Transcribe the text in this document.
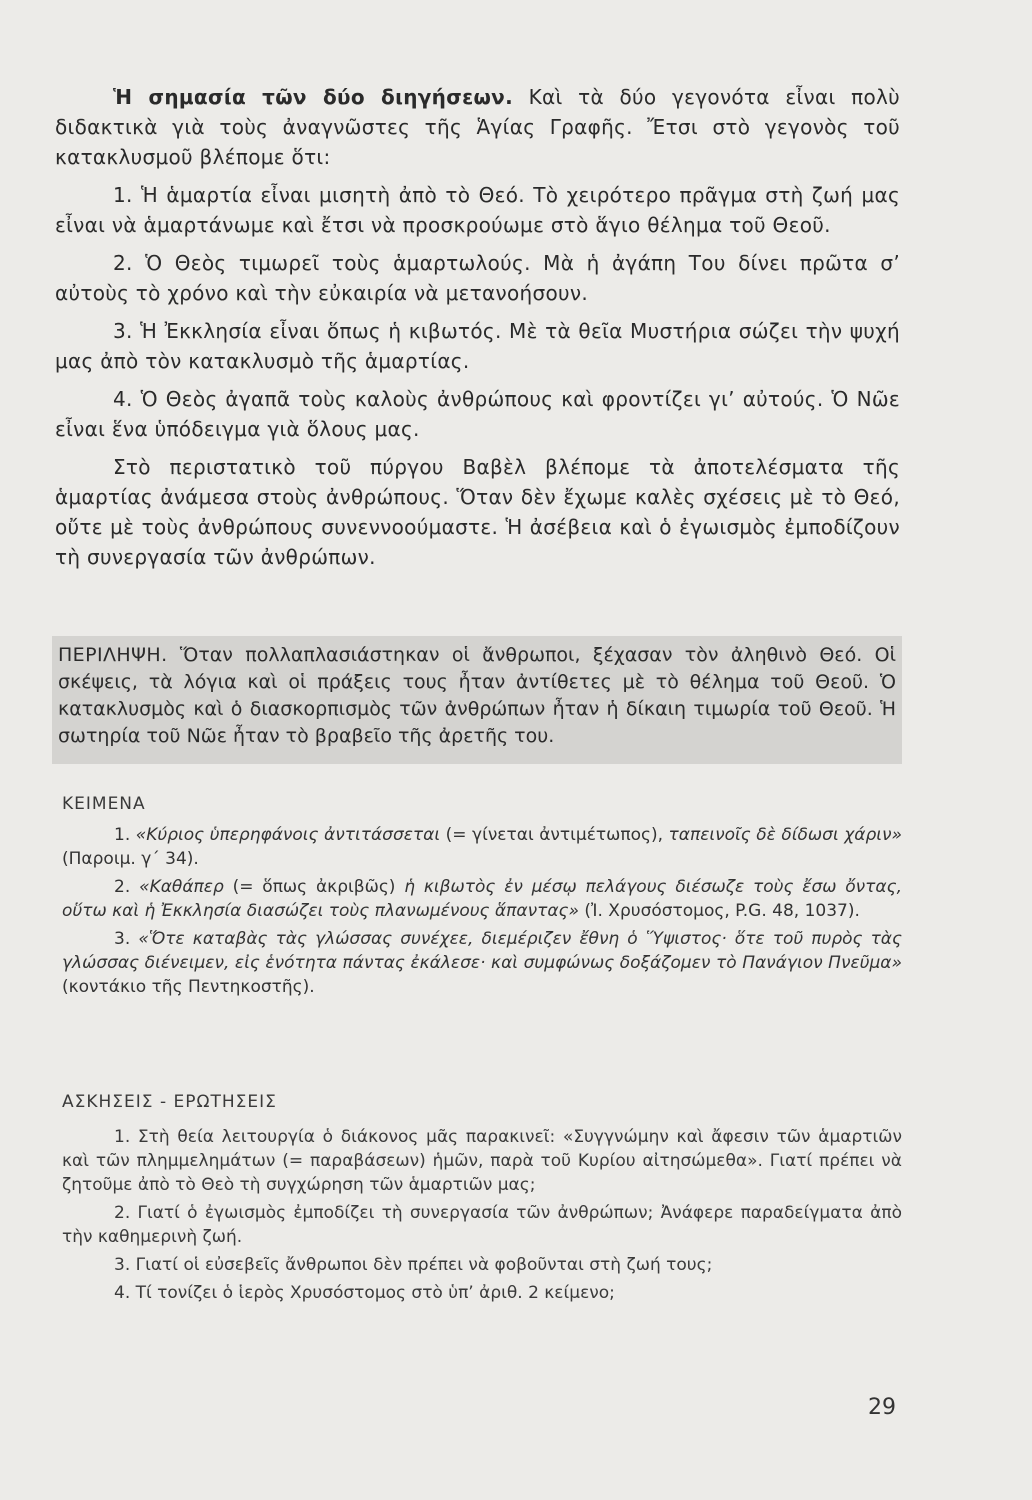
Ἡ σημασία τῶν δύο διηγήσεων. Καὶ τὰ δύο γεγονότα εἶναι πολὺ διδακτικὰ γιὰ τοὺς ἀναγνῶστες τῆς Ἁγίας Γραφῆς. Ἔτσι στὸ γεγονὸς τοῦ κατακλυσμοῦ βλέπομε ὅτι:

1. Ἡ ἁμαρτία εἶναι μισητὴ ἀπὸ τὸ Θεό. Τὸ χειρότερο πρᾶγμα στὴ ζωή μας εἶναι νὰ ἁμαρτάνωμε καὶ ἔτσι νὰ προσκρούωμε στὸ ἅγιο θέλημα τοῦ Θεοῦ.

2. Ὁ Θεὸς τιμωρεῖ τοὺς ἁμαρτωλούς. Μὰ ἡ ἀγάπη Του δίνει πρῶτα σ’ αὐτοὺς τὸ χρόνο καὶ τὴν εὐκαιρία νὰ μετανοήσουν.

3. Ἡ Ἐκκλησία εἶναι ὅπως ἡ κιβωτός. Μὲ τὰ θεῖα Μυστήρια σώζει τὴν ψυχή μας ἀπὸ τὸν κατακλυσμὸ τῆς ἁμαρτίας.

4. Ὁ Θεὸς ἀγαπᾶ τοὺς καλοὺς ἀνθρώπους καὶ φροντίζει γι’ αὐτούς. Ὁ Νῶε εἶναι ἕνα ὑπόδειγμα γιὰ ὅλους μας.

Στὸ περιστατικὸ τοῦ πύργου Βαβὲλ βλέπομε τὰ ἀποτελέσματα τῆς ἁμαρτίας ἀνάμεσα στοὺς ἀνθρώπους. Ὅταν δὲν ἔχωμε καλὲς σχέσεις μὲ τὸ Θεό, οὔτε μὲ τοὺς ἀνθρώπους συνεννοούμαστε. Ἡ ἀσέβεια καὶ ὁ ἐγωισμὸς ἐμποδίζουν τὴ συνεργασία τῶν ἀνθρώπων.

ΠΕΡΙΛΗΨΗ. Ὅταν πολλαπλασιάστηκαν οἱ ἄνθρωποι, ξέχασαν τὸν ἀληθινὸ Θεό. Οἱ σκέψεις, τὰ λόγια καὶ οἱ πράξεις τους ἦταν ἀντίθετες μὲ τὸ θέλημα τοῦ Θεοῦ. Ὁ κατακλυσμὸς καὶ ὁ διασκορπισμὸς τῶν ἀνθρώπων ἦταν ἡ δίκαιη τιμωρία τοῦ Θεοῦ. Ἡ σωτηρία τοῦ Νῶε ἦταν τὸ βραβεῖο τῆς ἀρετῆς του.
ΚΕΙΜΕΝΑ

1. «Κύριος ὑπερηφάνοις ἀντιτάσσεται (= γίνεται ἀντιμέτωπος), ταπεινοῖς δὲ δίδωσι χάριν» (Παροιμ. γ΄ 34).

2. «Καθάπερ (= ὅπως ἀκριβῶς) ἡ κιβωτὸς ἐν μέσῳ πελάγους διέσωζε τοὺς ἔσω ὄντας, οὕτω καὶ ἡ Ἐκκλησία διασώζει τοὺς πλανωμένους ἅπαντας» (Ἰ. Χρυσόστομος, P.G. 48, 1037).

3. «Ὅτε καταβὰς τὰς γλώσσας συνέχεε, διεμέριζεν ἔθνη ὁ Ὕψιστος· ὅτε τοῦ πυρὸς τὰς γλώσσας διένειμεν, εἰς ἑνότητα πάντας ἐκάλεσε· καὶ συμφώνως δοξάζομεν τὸ Πανάγιον Πνεῦμα» (κοντάκιο τῆς Πεντηκοστῆς).

ΑΣΚΗΣΕΙΣ - ΕΡΩΤΗΣΕΙΣ

1. Στὴ θεία λειτουργία ὁ διάκονος μᾶς παρακινεῖ: «Συγγνώμην καὶ ἄφεσιν τῶν ἁμαρτιῶν καὶ τῶν πλημμελημάτων (= παραβάσεων) ἡμῶν, παρὰ τοῦ Κυρίου αἰτησώμεθα». Γιατί πρέπει νὰ ζητοῦμε ἀπὸ τὸ Θεὸ τὴ συγχώρηση τῶν ἁμαρτιῶν μας;

2. Γιατί ὁ ἐγωισμὸς ἐμποδίζει τὴ συνεργασία τῶν ἀνθρώπων; Ἀνάφερε παραδείγματα ἀπὸ τὴν καθημερινὴ ζωή.

3. Γιατί οἱ εὐσεβεῖς ἄνθρωποι δὲν πρέπει νὰ φοβοῦνται στὴ ζωή τους;

4. Τί τονίζει ὁ ἱερὸς Χρυσόστομος στὸ ὑπ’ ἀριθ. 2 κείμενο;

29
